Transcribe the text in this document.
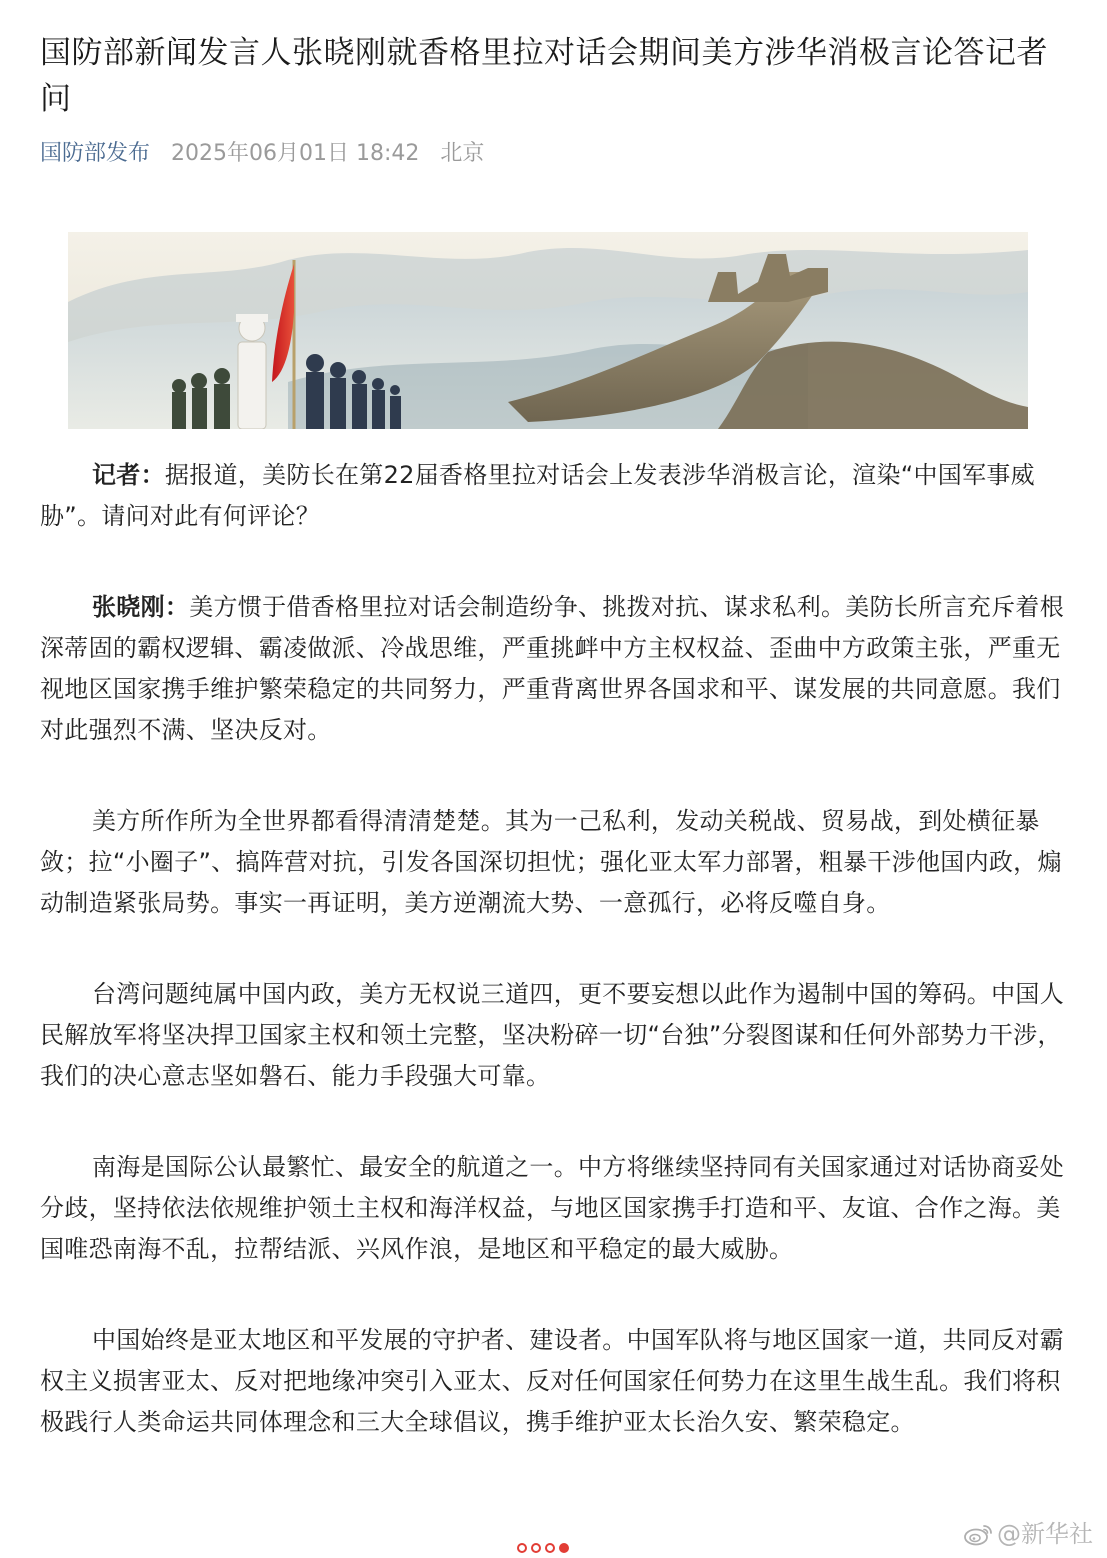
国防部新闻发言人张晓刚就香格里拉对话会期间美方涉华消极言论答记者问
国防部发布 2025年06月01日 18:42 北京

记者：据报道，美防长在第22届香格里拉对话会上发表涉华消极言论，渲染“中国军事威胁”。请问对此有何评论？

张晓刚：美方惯于借香格里拉对话会制造纷争、挑拨对抗、谋求私利。美防长所言充斥着根深蒂固的霸权逻辑、霸凌做派、冷战思维，严重挑衅中方主权权益、歪曲中方政策主张，严重无视地区国家携手维护繁荣稳定的共同努力，严重背离世界各国求和平、谋发展的共同意愿。我们对此强烈不满、坚决反对。

美方所作所为全世界都看得清清楚楚。其为一己私利，发动关税战、贸易战，到处横征暴敛；拉“小圈子”、搞阵营对抗，引发各国深切担忧；强化亚太军力部署，粗暴干涉他国内政，煽动制造紧张局势。事实一再证明，美方逆潮流大势、一意孤行，必将反噬自身。

台湾问题纯属中国内政，美方无权说三道四，更不要妄想以此作为遏制中国的筹码。中国人民解放军将坚决捍卫国家主权和领土完整，坚决粉碎一切“台独”分裂图谋和任何外部势力干涉，我们的决心意志坚如磐石、能力手段强大可靠。

南海是国际公认最繁忙、最安全的航道之一。中方将继续坚持同有关国家通过对话协商妥处分歧，坚持依法依规维护领土主权和海洋权益，与地区国家携手打造和平、友谊、合作之海。美国唯恐南海不乱，拉帮结派、兴风作浪，是地区和平稳定的最大威胁。

中国始终是亚太地区和平发展的守护者、建设者。中国军队将与地区国家一道，共同反对霸权主义损害亚太、反对把地缘冲突引入亚太、反对任何国家任何势力在这里生战生乱。我们将积极践行人类命运共同体理念和三大全球倡议，携手维护亚太长治久安、繁荣稳定。

@新华社
